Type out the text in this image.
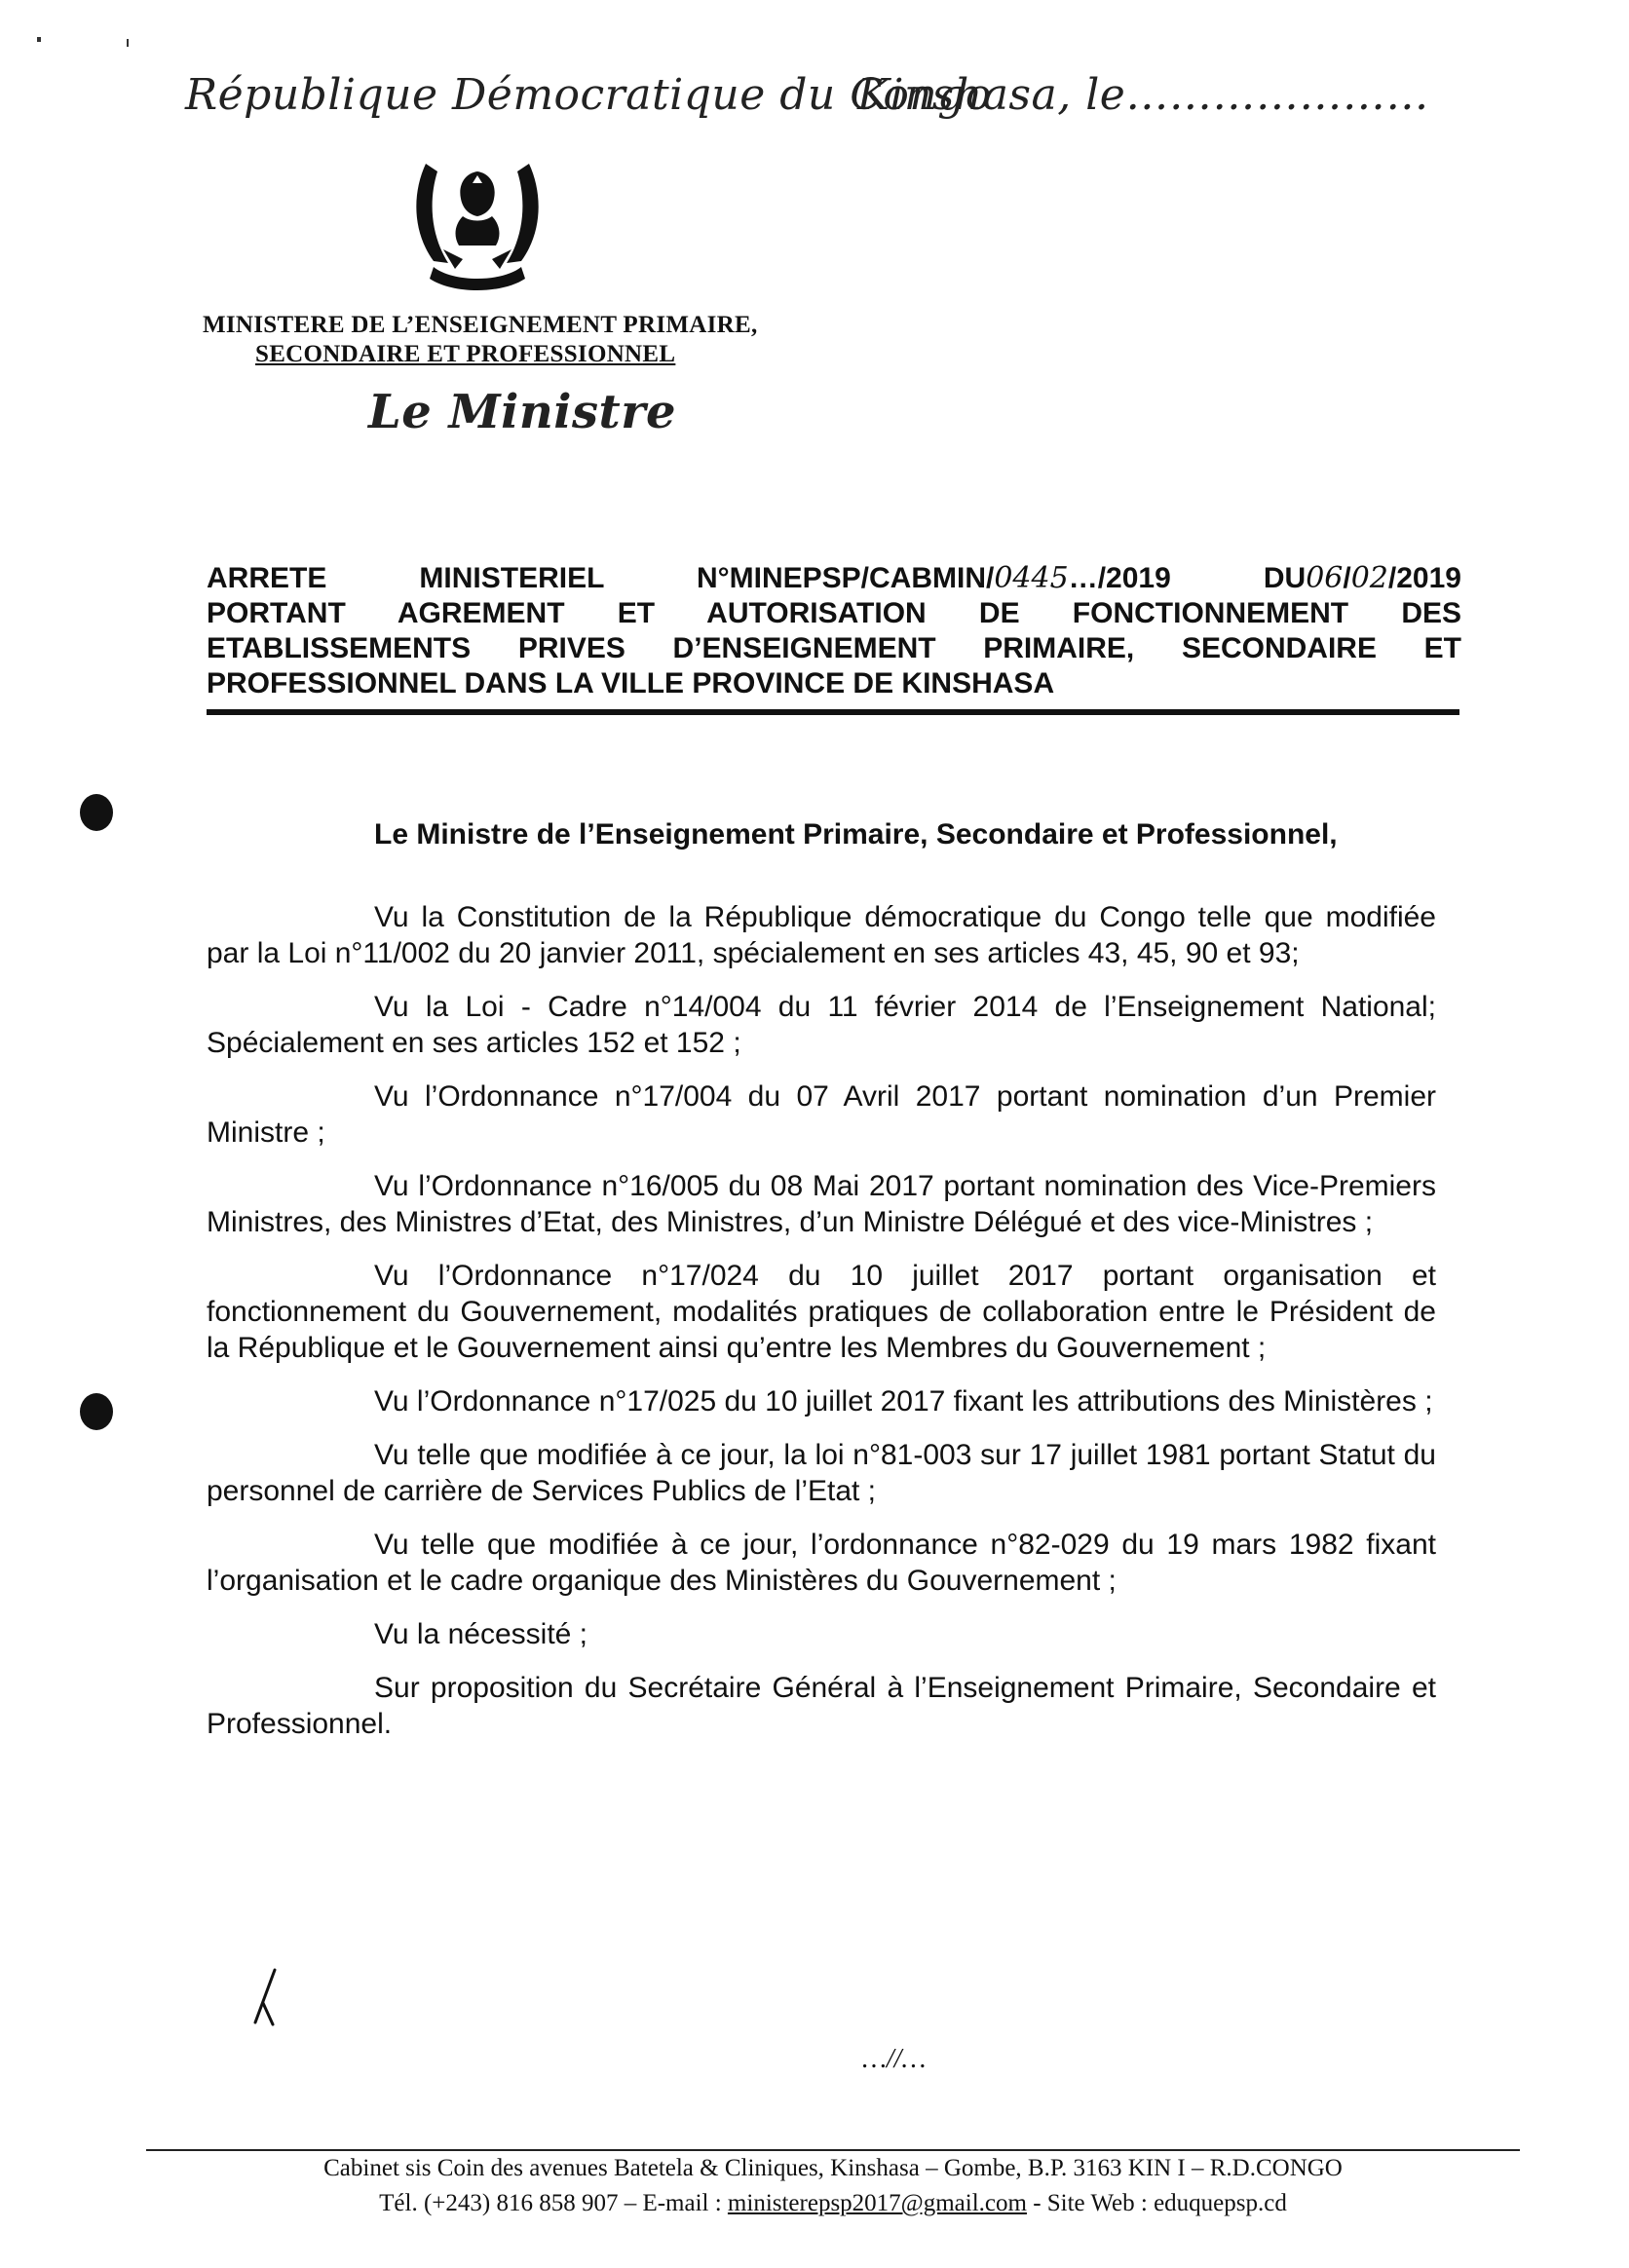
République Démocratique du Congo
Kinshasa, le…………………
MINISTERE DE L’ENSEIGNEMENT PRIMAIRE,
SECONDAIRE ET PROFESSIONNEL
Le Ministre
ARRETE	MINISTERIEL	N°MINEPSP/CABMIN/0445…/2019	DU06/02/2019
PORTANT AGREMENT ET AUTORISATION DE FONCTIONNEMENT DES
ETABLISSEMENTS PRIVES D’ENSEIGNEMENT PRIMAIRE, SECONDAIRE ET
PROFESSIONNEL DANS LA VILLE PROVINCE DE KINSHASA

Le Ministre de l’Enseignement Primaire, Secondaire et Professionnel,

Vu la Constitution de la République démocratique du Congo telle que modifiée par la Loi n°11/002 du 20 janvier 2011, spécialement en ses articles 43, 45, 90 et 93;

Vu la Loi - Cadre n°14/004 du 11 février 2014 de l’Enseignement National; Spécialement en ses articles 152 et 152 ;

Vu l’Ordonnance n°17/004 du 07 Avril 2017 portant nomination d’un Premier Ministre ;

Vu l’Ordonnance n°16/005 du 08 Mai 2017 portant nomination des Vice-Premiers Ministres, des Ministres d’Etat, des Ministres, d’un Ministre Délégué et des vice-Ministres ;

Vu l’Ordonnance n°17/024 du 10 juillet 2017 portant organisation et fonctionnement du Gouvernement, modalités pratiques de collaboration entre le Président de la République et le Gouvernement ainsi qu’entre les Membres du Gouvernement ;

Vu l’Ordonnance n°17/025 du 10 juillet 2017 fixant les attributions des Ministères ;

Vu telle que modifiée à ce jour, la loi n°81-003 sur 17 juillet 1981 portant Statut du personnel de carrière de Services Publics de l’Etat ;

Vu telle que modifiée à ce jour, l’ordonnance n°82-029 du 19 mars 1982 fixant l’organisation et le cadre organique des Ministères du Gouvernement ;

Vu la nécessité ;

Sur proposition du Secrétaire Général à l’Enseignement Primaire, Secondaire et Professionnel.

…//…
Cabinet sis Coin des avenues Batetela & Cliniques, Kinshasa – Gombe, B.P. 3163 KIN I – R.D.CONGO
Tél. (+243) 816 858 907 – E-mail : ministerepsp2017@gmail.com - Site Web : eduquepsp.cd
